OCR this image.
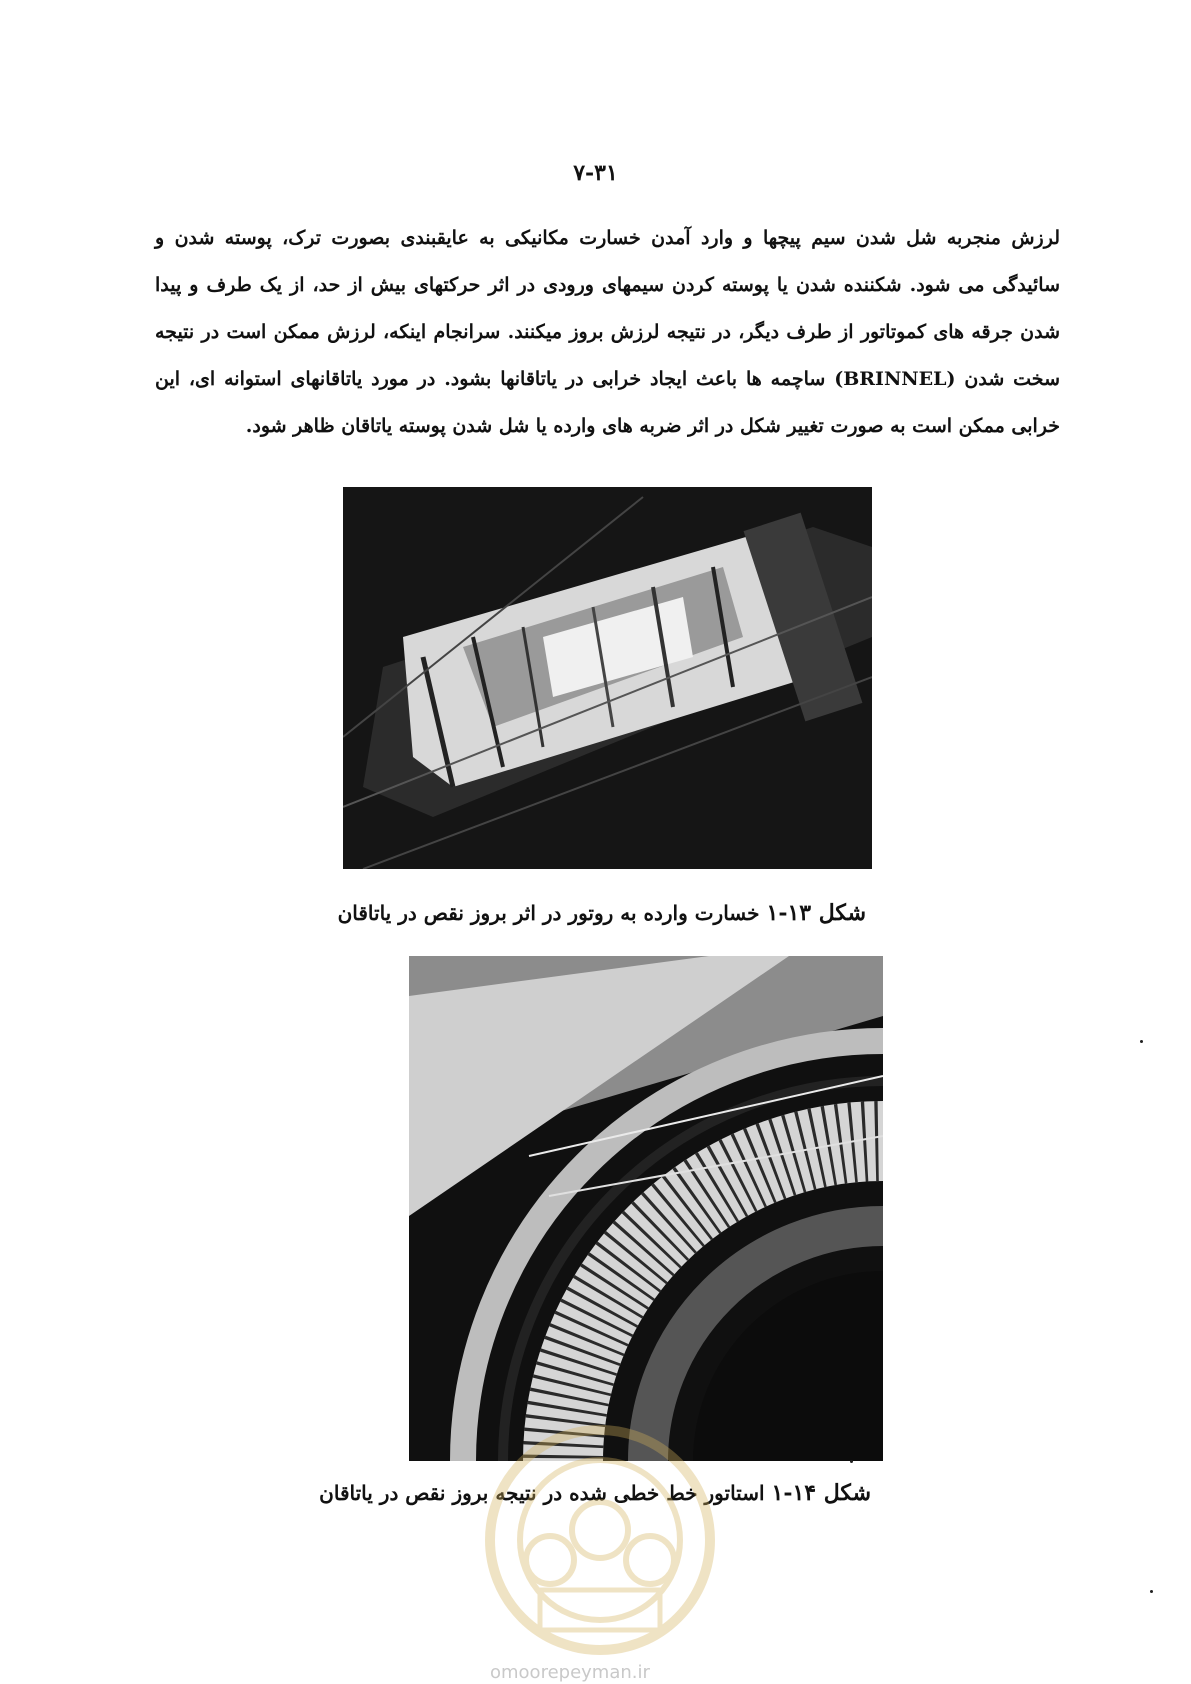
۷-۳۱
لرزش منجربه شل شدن سیم پیچها و وارد آمدن خسارت مکانیکی به عایقبندی بصورت ترک، پوسته شدن و سائیدگی می شود. شکننده شدن یا پوسته کردن سیمهای ورودی در اثر حرکتهای بیش از حد، از یک طرف و پیدا شدن جرقه های کموتاتور از طرف دیگر، در نتیجه لرزش بروز میکنند. سرانجام اینکه، لرزش ممکن است در نتیجه سخت شدن (BRINNEL) ساچمه ها باعث ایجاد خرابی در یاتاقانها بشود. در مورد یاتاقانهای استوانه ای، این خرابی ممکن است به صورت تغییر شکل در اثر ضربه های وارده یا شل شدن پوسته یاتاقان ظاهر شود.
شکل ۱۳-۱ خسارت وارده به روتور در اثر بروز نقص در یاتاقان
شکل ۱۴-۱ استاتور خط خطی شده در نتیجه بروز نقص در یاتاقان
omoorepeyman.ir
